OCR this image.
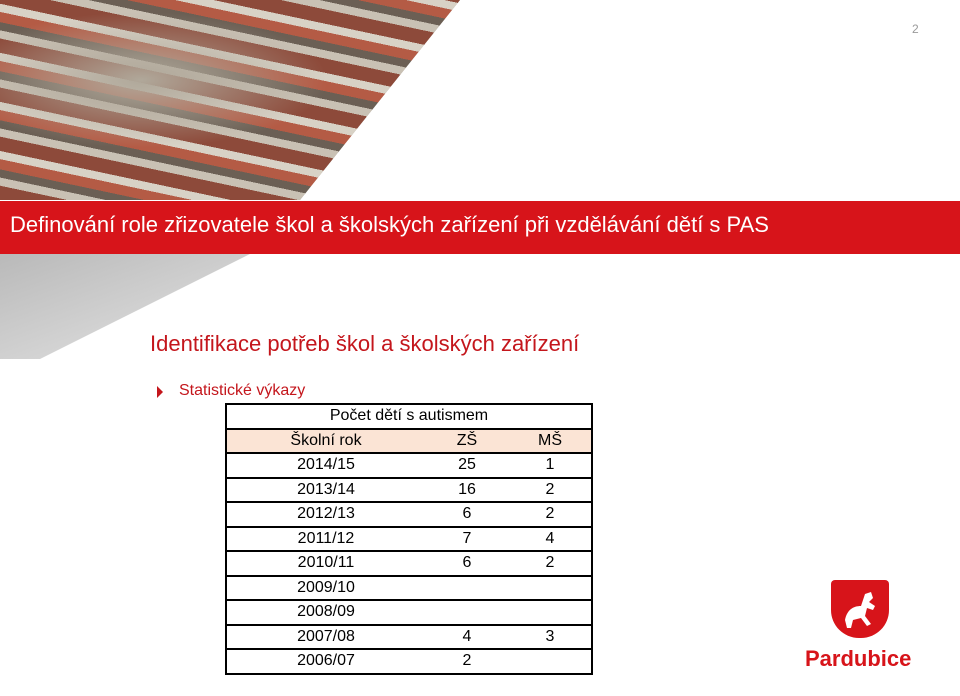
2
Definování role zřizovatele škol a školských zařízení při vzdělávání dětí s PAS
Identifikace potřeb škol a školských zařízení
Statistické výkazy
Počet dětí s autismem		
Školní rok	ZŠ	MŠ
2014/15	25	1
2013/14	16	2
2012/13	6	2
2011/12	7	4
2010/11	6	2
2009/10		
2008/09		
2007/08	4	3
2006/07	2		Pardubice
